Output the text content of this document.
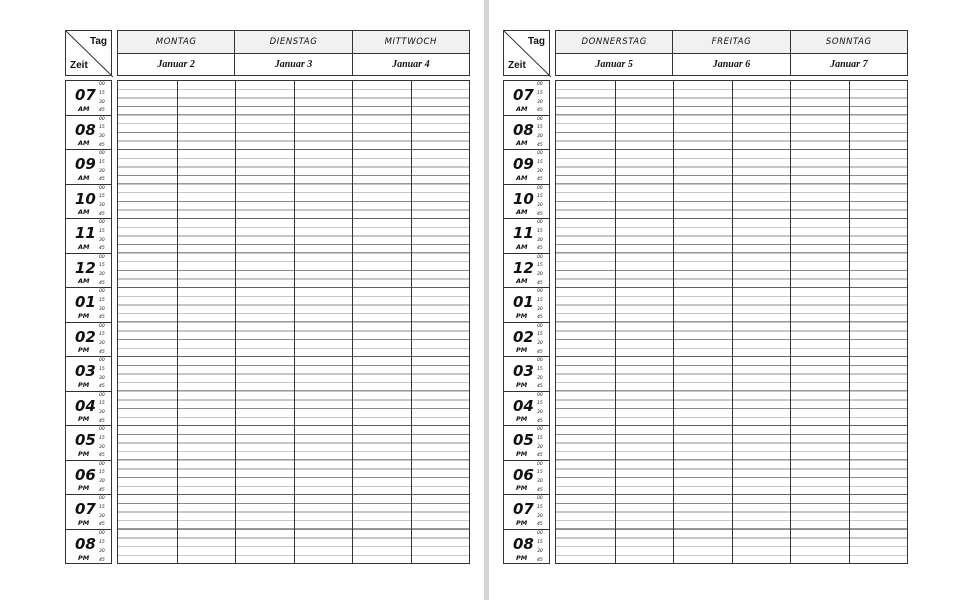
Tag
Zeit
MONTAG
Januar 2
DIENSTAG
Januar 3
MITTWOCH
Januar 4
07
AM
00
15
30
45
08
AM
00
15
30
45
09
AM
00
15
30
45
10
AM
00
15
30
45
11
AM
00
15
30
45
12
AM
00
15
30
45
01
PM
00
15
30
45
02
PM
00
15
30
45
03
PM
00
15
30
45
04
PM
00
15
30
45
05
PM
00
15
30
45
06
PM
00
15
30
45
07
PM
00
15
30
45
08
PM
00
15
30
45
Tag
Zeit
DONNERSTAG
Januar 5
FREITAG
Januar 6
SONNTAG
Januar 7
07
AM
00
15
30
45
08
AM
00
15
30
45
09
AM
00
15
30
45
10
AM
00
15
30
45
11
AM
00
15
30
45
12
AM
00
15
30
45
01
PM
00
15
30
45
02
PM
00
15
30
45
03
PM
00
15
30
45
04
PM
00
15
30
45
05
PM
00
15
30
45
06
PM
00
15
30
45
07
PM
00
15
30
45
08
PM
00
15
30
45
